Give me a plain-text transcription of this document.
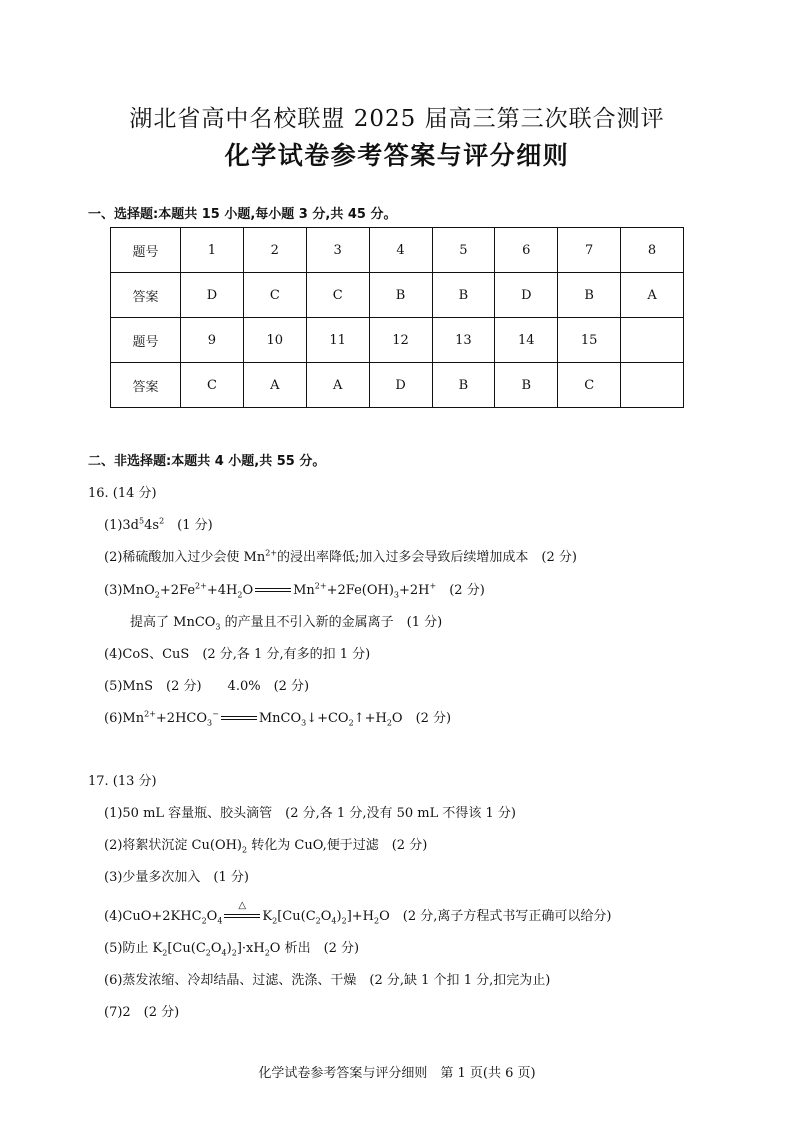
湖北省高中名校联盟 2025 届高三第三次联合测评
化学试卷参考答案与评分细则
一、选择题:本题共 15 小题,每小题 3 分,共 45 分。
题号	1	2	3	4	5	6	7	8
答案	D	C	C	B	B	D	B	A
题号	9	10	11	12	13	14	15	
答案	C	A	A	D	B	B	C	
二、非选择题:本题共 4 小题,共 55 分。
16. (14 分)
$(1)3d^54s^2$　(1 分)
(2)稀硫酸加入过少会使 $Mn^{2+}$的浸出率降低;加入过多会导致后续增加成本　(2 分)
$(3)MnO_2+2Fe^{2+}+4H_2O$	$Mn^{2+}+2Fe(OH)_3+2H^+$　(2 分)
提高了 MnCO$_3$ 的产量且不引入新的金属离子　(1 分)
(4)CoS、CuS　(2 分,各 1 分,有多的扣 1 分)
(5)MnS　(2 分)　　4.0%　(2 分)
$(6)Mn^{2+}+2HCO_3^-$	$MnCO_3↓+CO_2↑+H_2O$　(2 分)
17. (13 分)
(1)50 mL 容量瓶、胶头滴管　(2 分,各 1 分,没有 50 mL 不得该 1 分)
(2)将絮状沉淀 $Cu(OH)_2$ 转化为 CuO,便于过滤　(2 分)
(3)少量多次加入　(1 分)
$(4)CuO+2KHC_2O_4$
△
$K_2[Cu(C_2O_4)_2]+H_2O$　(2 分,离子方程式书写正确可以给分)
(5)防止 $K_2[Cu(C_2O_4)_2]\cdot xH_2O$ 析出　(2 分)
(6)蒸发浓缩、冷却结晶、过滤、洗涤、干燥　(2 分,缺 1 个扣 1 分,扣完为止)
(7)2　(2 分)
化学试卷参考答案与评分细则　第 1 页(共 6 页)
